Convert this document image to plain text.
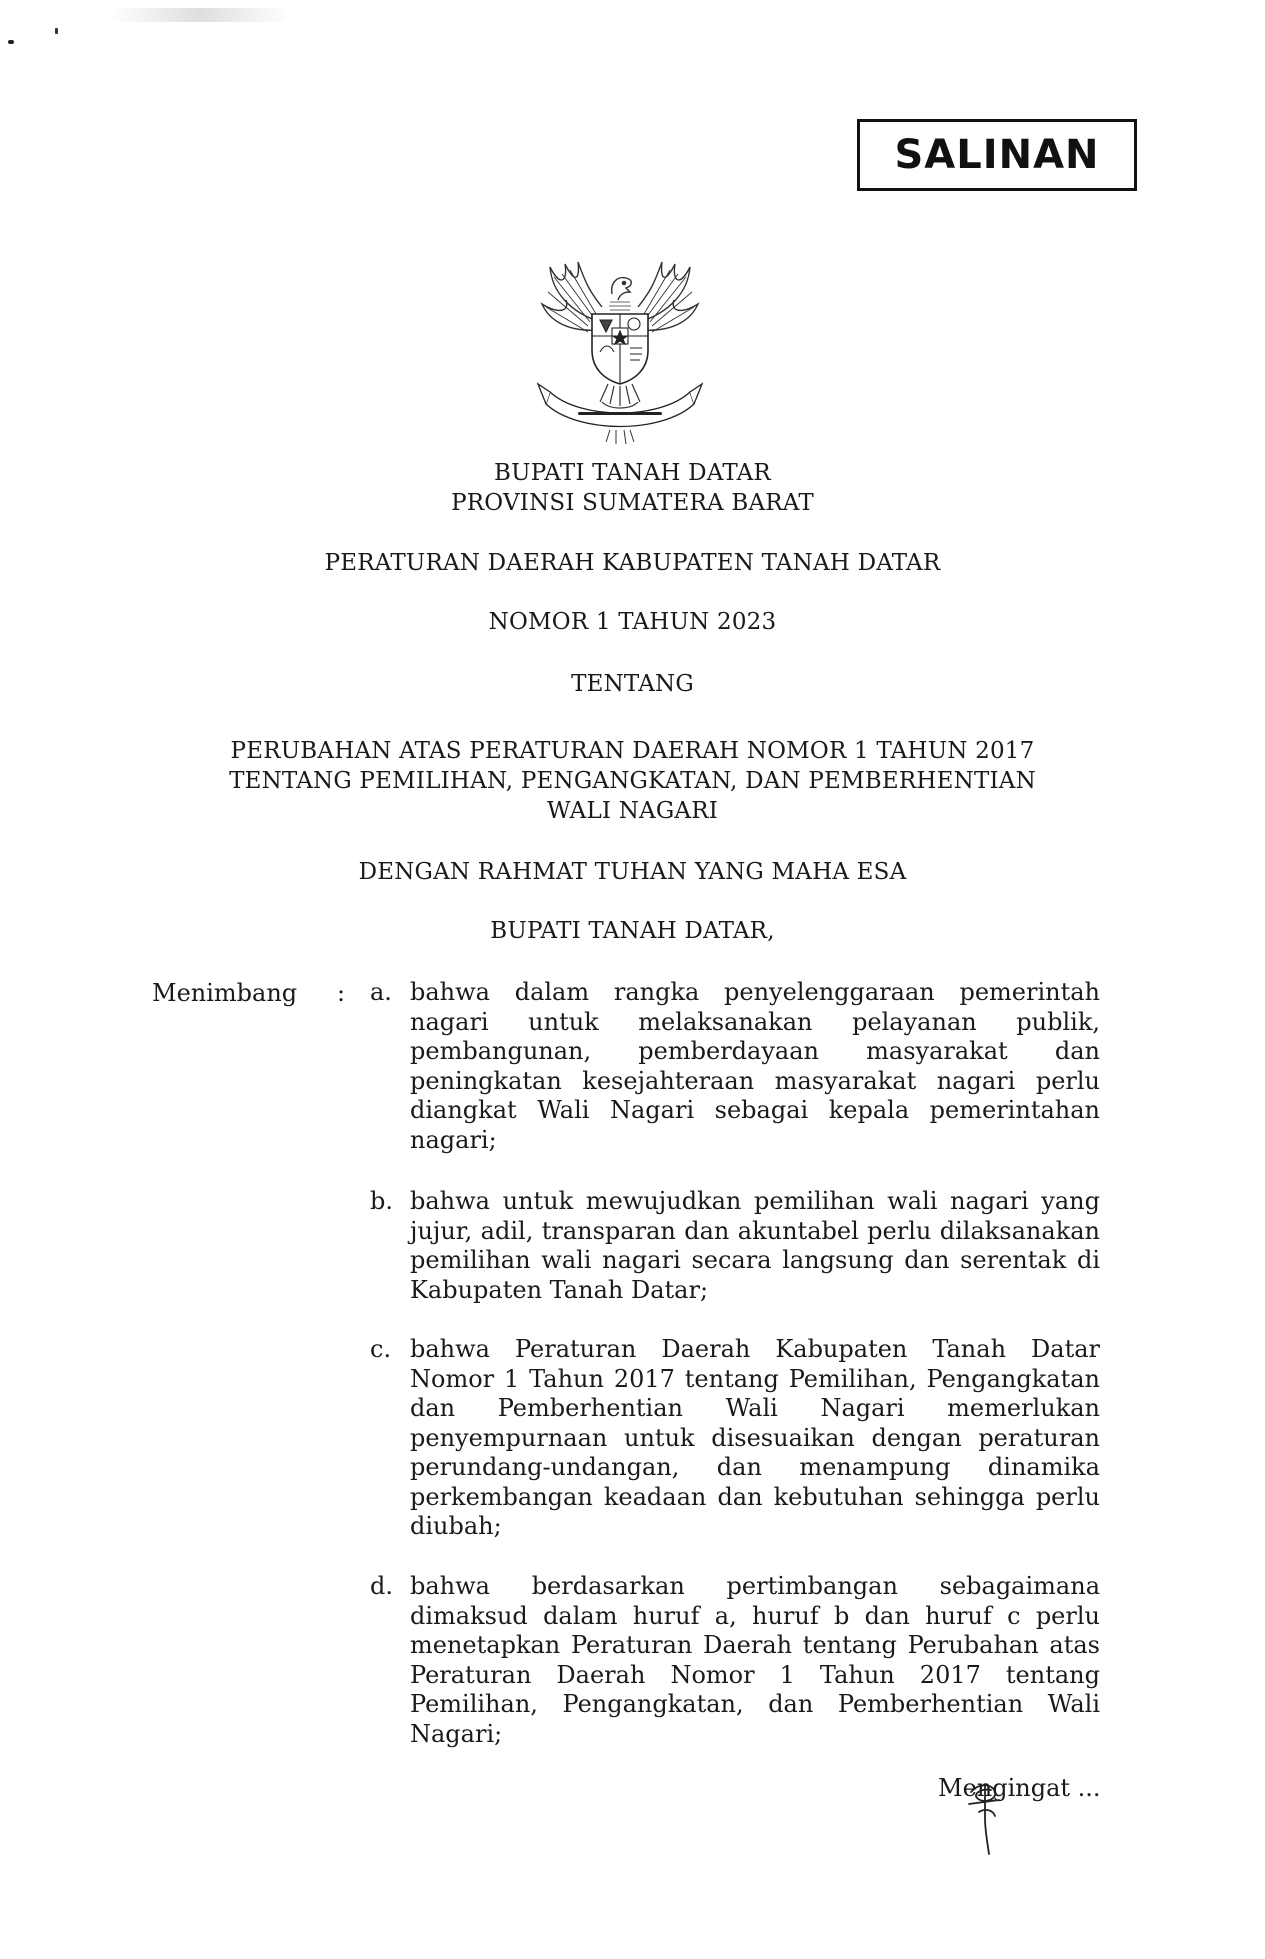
SALINAN
BUPATI TANAH DATAR
PROVINSI SUMATERA BARAT
PERATURAN DAERAH KABUPATEN TANAH DATAR
NOMOR 1 TAHUN 2023
TENTANG
PERUBAHAN ATAS PERATURAN DAERAH NOMOR 1 TAHUN 2017
TENTANG PEMILIHAN, PENGANGKATAN, DAN PEMBERHENTIAN
WALI NAGARI
DENGAN RAHMAT TUHAN YANG MAHA ESA
BUPATI TANAH DATAR,
Menimbang : a. bahwa dalam rangka penyelenggaraan pemerintah nagari untuk melaksanakan pelayanan publik, pembangunan, pemberdayaan masyarakat dan peningkatan kesejahteraan masyarakat nagari perlu diangkat Wali Nagari sebagai kepala pemerintahan nagari;
b. bahwa untuk mewujudkan pemilihan wali nagari yang jujur, adil, transparan dan akuntabel perlu dilaksanakan pemilihan wali nagari secara langsung dan serentak di Kabupaten Tanah Datar;
c. bahwa Peraturan Daerah Kabupaten Tanah Datar Nomor 1 Tahun 2017 tentang Pemilihan, Pengangkatan dan Pemberhentian Wali Nagari memerlukan penyempurnaan untuk disesuaikan dengan peraturan perundang-undangan, dan menampung dinamika perkembangan keadaan dan kebutuhan sehingga perlu diubah;
d. bahwa berdasarkan pertimbangan sebagaimana dimaksud dalam huruf a, huruf b dan huruf c perlu menetapkan Peraturan Daerah tentang Perubahan atas Peraturan Daerah Nomor 1 Tahun 2017 tentang Pemilihan, Pengangkatan, dan Pemberhentian Wali Nagari;
Mengingat ...
